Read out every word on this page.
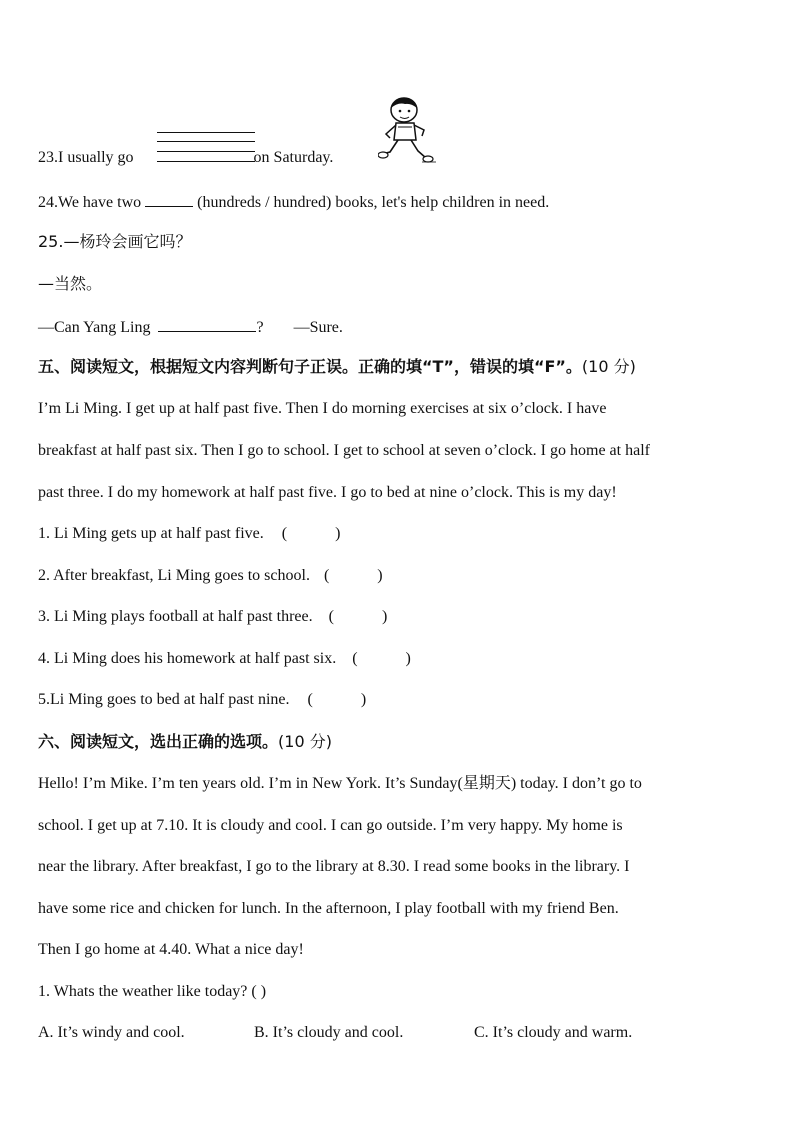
23.I usually go	on Saturday.
24.We have two	(hundreds / hundred) books, let's help children in need.
25.—杨玲会画它吗？
—当然。
—Can Yang Ling	? —Sure.
五、阅读短文，根据短文内容判断句子正误。正确的填“T”，错误的填“F”。(10 分)
I’m Li Ming. I get up at half past five. Then I do morning exercises at six o’clock. I have
breakfast at half past six. Then I go to school. I get to school at seven o’clock. I go home at half
past three. I do my homework at half past five. I go to bed at nine o’clock. This is my day!
1. Li Ming gets up at half past five. (            )
2. After breakfast, Li Ming goes to school. (            )
3. Li Ming plays football at half past three. (            )
4. Li Ming does his homework at half past six. (            )
5.Li Ming goes to bed at half past nine. (            )
六、阅读短文，选出正确的选项。(10 分)
Hello! I’m Mike. I’m ten years old. I’m in New York. It’s Sunday(星期天) today. I don’t go to
school. I get up at 7.10. It is cloudy and cool. I can go outside. I’m very happy. My home is
near the library. After breakfast, I go to the library at 8.30. I read some books in the library. I
have some rice and chicken for lunch. In the afternoon, I play football with my friend Ben.
Then I go home at 4.40. What a nice day!
1. Whats the weather like today? ( )
A. It’s windy and cool.	B. It’s cloudy and cool.	C. It’s cloudy and warm.
